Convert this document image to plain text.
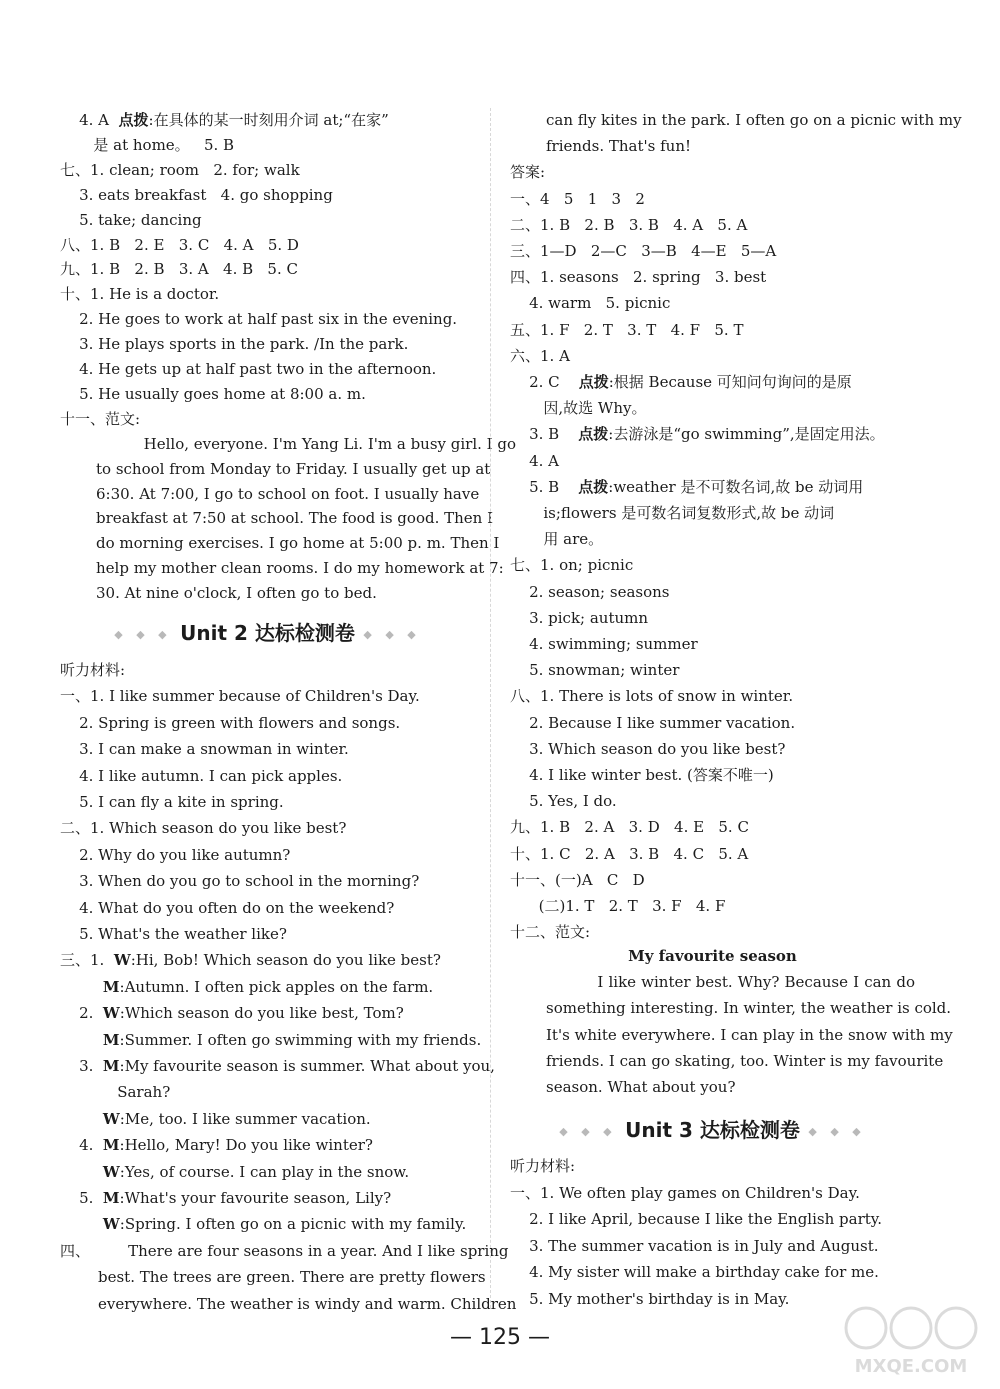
4. A  点拨:在具体的某一时刻用介词 at;“在家”
是 at home。   5. B
七、1. clean; room   2. for; walk
3. eats breakfast   4. go shopping
5. take; dancing
八、1. B   2. E   3. C   4. A   5. D
九、1. B   2. B   3. A   4. B   5. C
十、1. He is a doctor.
2. He goes to work at half past six in the evening.
3. He plays sports in the park. /In the park.
4. He gets up at half past two in the afternoon.
5. He usually goes home at 8:00 a. m.
十一、范文:
Hello, everyone. I'm Yang Li. I'm a busy girl. I go
to school from Monday to Friday. I usually get up at
6:30. At 7:00, I go to school on foot. I usually have
breakfast at 7:50 at school. The food is good. Then I
do morning exercises. I go home at 5:00 p. m. Then I
help my mother clean rooms. I do my homework at 7:
30. At nine o'clock, I often go to bed.
◆ ◆ ◆ Unit 2 达标检测卷 ◆ ◆ ◆
听力材料:
一、1. I like summer because of Children's Day.
2. Spring is green with flowers and songs.
3. I can make a snowman in winter.
4. I like autumn. I can pick apples.
5. I can fly a kite in spring.
二、1. Which season do you like best?
2. Why do you like autumn?
3. When do you go to school in the morning?
4. What do you often do on the weekend?
5. What's the weather like?
三、1.  W:Hi, Bob! Which season do you like best?
M:Autumn. I often pick apples on the farm.
2.  W:Which season do you like best, Tom?
M:Summer. I often go swimming with my friends.
3.  M:My favourite season is summer. What about you,
Sarah?
W:Me, too. I like summer vacation.
4.  M:Hello, Mary! Do you like winter?
W:Yes, of course. I can play in the snow.
5.  M:What's your favourite season, Lily?
W:Spring. I often go on a picnic with my family.
四、        There are four seasons in a year. And I like spring
best. The trees are green. There are pretty flowers
everywhere. The weather is windy and warm. Children
can fly kites in the park. I often go on a picnic with my
friends. That's fun!
答案:
一、4   5   1   3   2
二、1. B   2. B   3. B   4. A   5. A
三、1—D   2—C   3—B   4—E   5—A
四、1. seasons   2. spring   3. best
4. warm   5. picnic
五、1. F   2. T   3. T   4. F   5. T
六、1. A
2. C    点拨:根据 Because 可知问句询问的是原
因,故选 Why。
3. B    点拨:去游泳是“go swimming”,是固定用法。
4. A
5. B    点拨:weather 是不可数名词,故 be 动词用
is;flowers 是可数名词复数形式,故 be 动词
用 are。
七、1. on; picnic
2. season; seasons
3. pick; autumn
4. swimming; summer
5. snowman; winter
八、1. There is lots of snow in winter.
2. Because I like summer vacation.
3. Which season do you like best?
4. I like winter best. (答案不唯一)
5. Yes, I do.
九、1. B   2. A   3. D   4. E   5. C
十、1. C   2. A   3. B   4. C   5. A
十一、(一)A   C   D
(二)1. T   2. T   3. F   4. F
十二、范文:
My favourite season
I like winter best. Why? Because I can do
something interesting. In winter, the weather is cold.
It's white everywhere. I can play in the snow with my
friends. I can go skating, too. Winter is my favourite
season. What about you?
◆ ◆ ◆ Unit 3 达标检测卷 ◆ ◆ ◆
听力材料:
一、1. We often play games on Children's Day.
2. I like April, because I like the English party.
3. The summer vacation is in July and August.
4. My sister will make a birthday cake for me.
5. My mother's birthday is in May.
— 125 —
MXQE.COM
